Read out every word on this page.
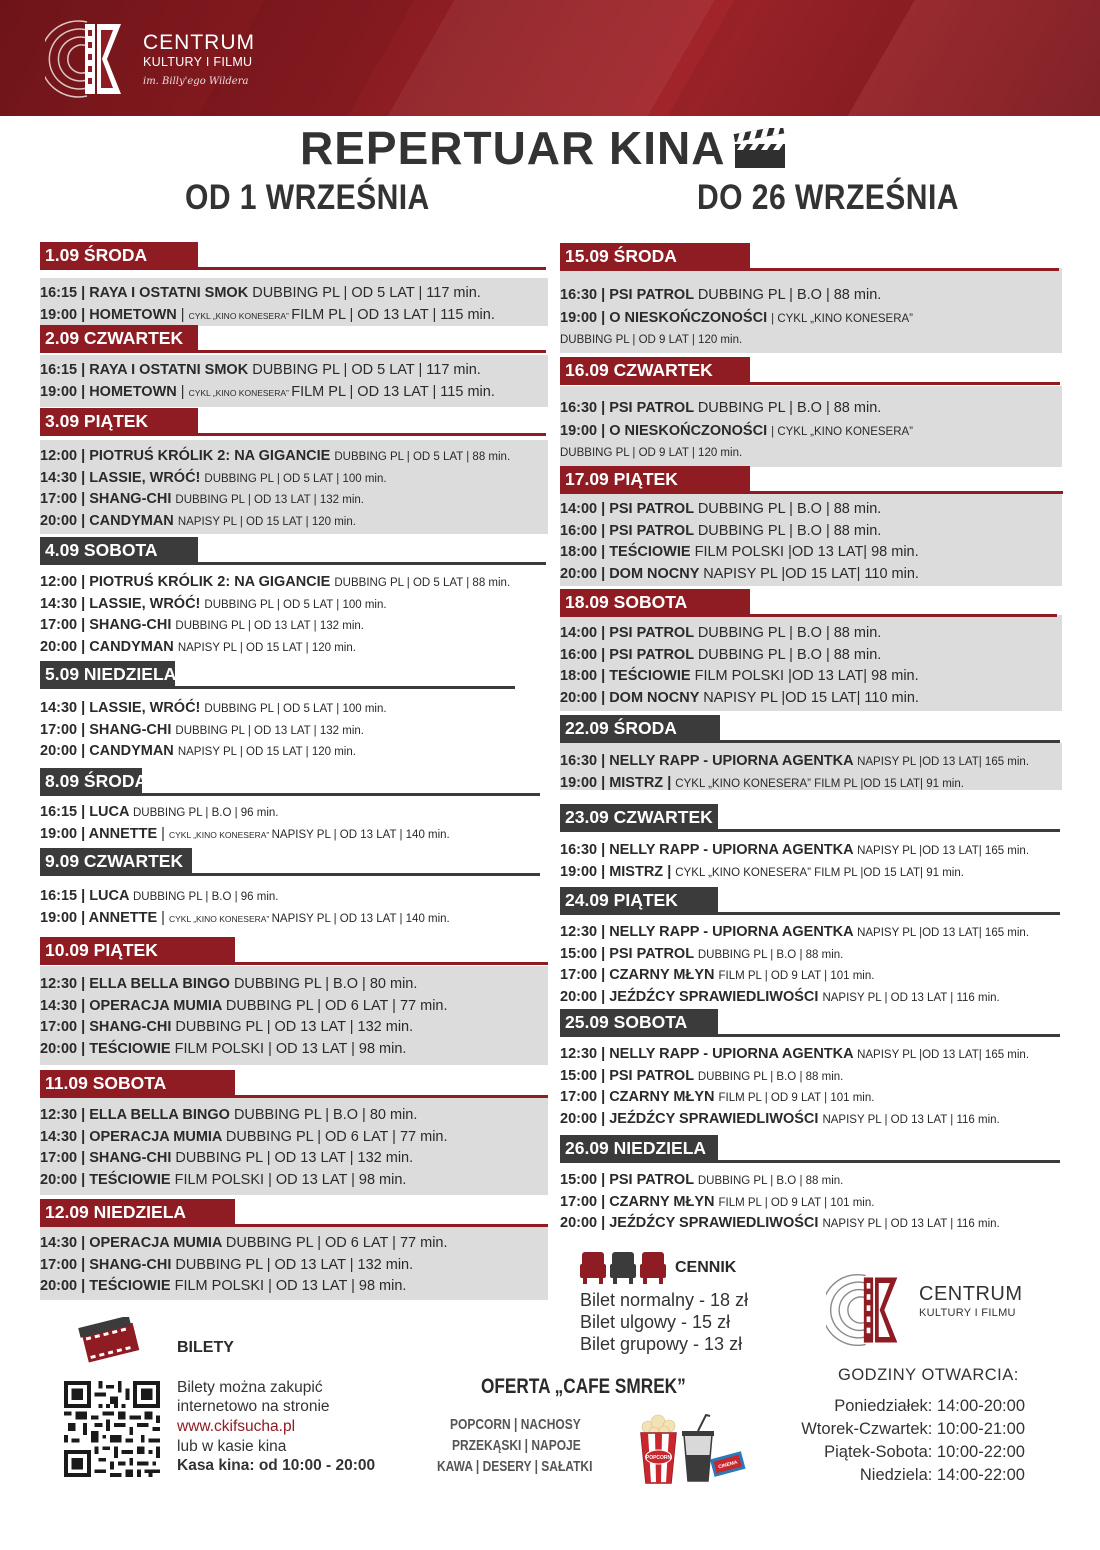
CENTRUM
KULTURY I FILMU
im. Billy'ego Wildera
REPERTUAR KINA
OD 1 WRZEŚNIA	DO 26 WRZEŚNIA
1.09 ŚRODA
16:15 | RAYA I OSTATNI SMOK DUBBING PL | OD 5 LAT | 117 min.
19:00 | HOMETOWN | CYKL „KINO KONESERA” FILM PL | OD 13 LAT | 115 min.
2.09 CZWARTEK
16:15 | RAYA I OSTATNI SMOK DUBBING PL | OD 5 LAT | 117 min.
19:00 | HOMETOWN | CYKL „KINO KONESERA” FILM PL | OD 13 LAT | 115 min.
3.09 PIĄTEK
12:00 | PIOTRUŚ KRÓLIK 2: NA GIGANCIE DUBBING PL | OD 5 LAT | 88 min.
14:30 | LASSIE, WRÓĆ! DUBBING PL | OD 5 LAT | 100 min.
17:00 | SHANG-CHI DUBBING PL | OD 13 LAT | 132 min.
20:00 | CANDYMAN NAPISY PL | OD 15 LAT | 120 min.
4.09 SOBOTA
12:00 | PIOTRUŚ KRÓLIK 2: NA GIGANCIE DUBBING PL | OD 5 LAT | 88 min.
14:30 | LASSIE, WRÓĆ! DUBBING PL | OD 5 LAT | 100 min.
17:00 | SHANG-CHI DUBBING PL | OD 13 LAT | 132 min.
20:00 | CANDYMAN NAPISY PL | OD 15 LAT | 120 min.
5.09 NIEDZIELA
14:30 | LASSIE, WRÓĆ! DUBBING PL | OD 5 LAT | 100 min.
17:00 | SHANG-CHI DUBBING PL | OD 13 LAT | 132 min.
20:00 | CANDYMAN NAPISY PL | OD 15 LAT | 120 min.
8.09 ŚRODA
16:15 | LUCA DUBBING PL | B.O | 96 min.
19:00 | ANNETTE | CYKL „KINO KONESERA” NAPISY PL | OD 13 LAT | 140 min.
9.09 CZWARTEK
16:15 | LUCA DUBBING PL | B.O | 96 min.
19:00 | ANNETTE | CYKL „KINO KONESERA” NAPISY PL | OD 13 LAT | 140 min.
10.09 PIĄTEK
12:30 | ELLA BELLA BINGO DUBBING PL | B.O | 80 min.
14:30 | OPERACJA MUMIA DUBBING PL | OD 6 LAT | 77 min.
17:00 | SHANG-CHI DUBBING PL | OD 13 LAT | 132 min.
20:00 | TEŚCIOWIE FILM POLSKI | OD 13 LAT | 98 min.
11.09 SOBOTA
12:30 | ELLA BELLA BINGO DUBBING PL | B.O | 80 min.
14:30 | OPERACJA MUMIA DUBBING PL | OD 6 LAT | 77 min.
17:00 | SHANG-CHI DUBBING PL | OD 13 LAT | 132 min.
20:00 | TEŚCIOWIE FILM POLSKI | OD 13 LAT | 98 min.
12.09 NIEDZIELA
14:30 | OPERACJA MUMIA DUBBING PL | OD 6 LAT | 77 min.
17:00 | SHANG-CHI DUBBING PL | OD 13 LAT | 132 min.
20:00 | TEŚCIOWIE FILM POLSKI | OD 13 LAT | 98 min.
15.09 ŚRODA
16:30 | PSI PATROL DUBBING PL | B.O | 88 min.
19:00 | O NIESKOŃCZONOŚCI | CYKL „KINO KONESERA”
DUBBING PL | OD 9 LAT | 120 min.
16.09 CZWARTEK
16:30 | PSI PATROL DUBBING PL | B.O | 88 min.
19:00 | O NIESKOŃCZONOŚCI | CYKL „KINO KONESERA”
DUBBING PL | OD 9 LAT | 120 min.
17.09 PIĄTEK
14:00 | PSI PATROL DUBBING PL | B.O | 88 min.
16:00 | PSI PATROL DUBBING PL | B.O | 88 min.
18:00 | TEŚCIOWIE FILM POLSKI |OD 13 LAT| 98 min.
20:00 | DOM NOCNY NAPISY PL |OD 15 LAT| 110 min.
18.09 SOBOTA
14:00 | PSI PATROL DUBBING PL | B.O | 88 min.
16:00 | PSI PATROL DUBBING PL | B.O | 88 min.
18:00 | TEŚCIOWIE FILM POLSKI |OD 13 LAT| 98 min.
20:00 | DOM NOCNY NAPISY PL |OD 15 LAT| 110 min.
22.09 ŚRODA
16:30 | NELLY RAPP - UPIORNA AGENTKA NAPISY PL |OD 13 LAT| 165 min.
19:00 | MISTRZ | CYKL „KINO KONESERA” FILM PL |OD 15 LAT| 91 min.
23.09 CZWARTEK
16:30 | NELLY RAPP - UPIORNA AGENTKA NAPISY PL |OD 13 LAT| 165 min.
19:00 | MISTRZ | CYKL „KINO KONESERA” FILM PL |OD 15 LAT| 91 min.
24.09 PIĄTEK
12:30 | NELLY RAPP - UPIORNA AGENTKA NAPISY PL |OD 13 LAT| 165 min.
15:00 | PSI PATROL DUBBING PL | B.O | 88 min.
17:00 | CZARNY MŁYN FILM PL | OD 9 LAT | 101 min.
20:00 | JEŹDŹCY SPRAWIEDLIWOŚCI NAPISY PL | OD 13 LAT | 116 min.
25.09 SOBOTA
12:30 | NELLY RAPP - UPIORNA AGENTKA NAPISY PL |OD 13 LAT| 165 min.
15:00 | PSI PATROL DUBBING PL | B.O | 88 min.
17:00 | CZARNY MŁYN FILM PL | OD 9 LAT | 101 min.
20:00 | JEŹDŹCY SPRAWIEDLIWOŚCI NAPISY PL | OD 13 LAT | 116 min.
26.09 NIEDZIELA
15:00 | PSI PATROL DUBBING PL | B.O | 88 min.
17:00 | CZARNY MŁYN FILM PL | OD 9 LAT | 101 min.
20:00 | JEŹDŹCY SPRAWIEDLIWOŚCI NAPISY PL | OD 13 LAT | 116 min.
CENNIK
Bilet normalny - 18 zł
Bilet ulgowy - 15 zł
Bilet grupowy - 13 zł
CENTRUM
KULTURY I FILMU
GODZINY OTWARCIA:
Poniedziałek: 14:00-20:00
Wtorek-Czwartek: 10:00-21:00
Piątek-Sobota: 10:00-22:00
Niedziela: 14:00-22:00
BILETY
Bilety można zakupić
internetowo na stronie
www.ckifsucha.pl
lub w kasie kina
Kasa kina: od 10:00 - 20:00
OFERTA „CAFE SMREK”
POPCORN | NACHOSY
PRZEKĄSKI | NAPOJE
KAWA | DESERY | SAŁATKI	POPCORN
CINEMA
